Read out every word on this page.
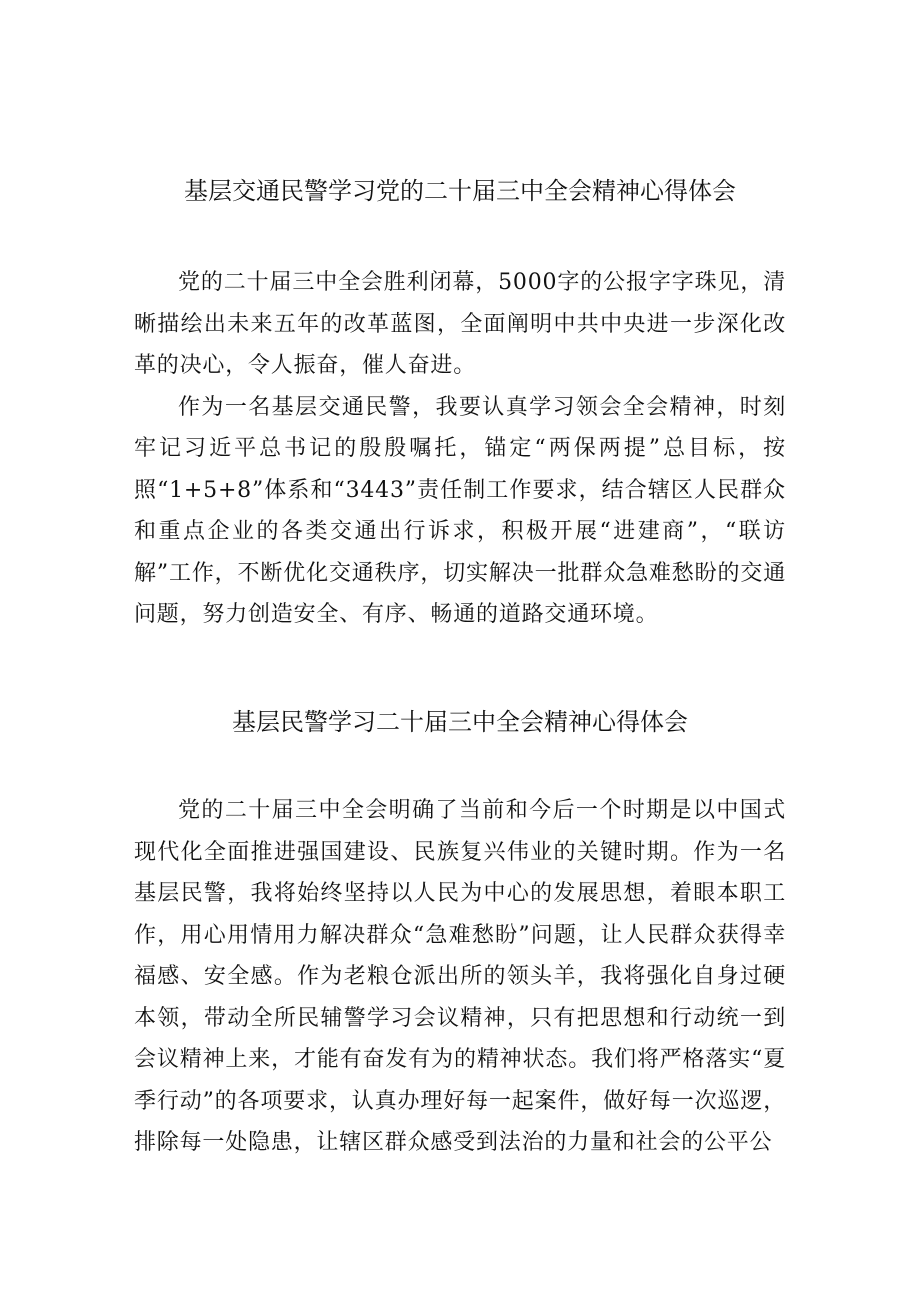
基层交通民警学习党的二十届三中全会精神心得体会

党的二十届三中全会胜利闭幕，5000字的公报字字珠见，清晰描绘出未来五年的改革蓝图，全面阐明中共中央进一步深化改革的决心，令人振奋，催人奋进。

作为一名基层交通民警，我要认真学习领会全会精神，时刻牢记习近平总书记的殷殷嘱托，锚定“两保两提”总目标，按照“1+5+8”体系和“3443”责任制工作要求，结合辖区人民群众和重点企业的各类交通出行诉求，积极开展“进建商”，“联访解”工作，不断优化交通秩序，切实解决一批群众急难愁盼的交通问题，努力创造安全、有序、畅通的道路交通环境。

基层民警学习二十届三中全会精神心得体会

党的二十届三中全会明确了当前和今后一个时期是以中国式现代化全面推进强国建设、民族复兴伟业的关键时期。作为一名基层民警，我将始终坚持以人民为中心的发展思想，着眼本职工作，用心用情用力解决群众“急难愁盼”问题，让人民群众获得幸福感、安全感。作为老粮仓派出所的领头羊，我将强化自身过硬本领，带动全所民辅警学习会议精神，只有把思想和行动统一到会议精神上来，才能有奋发有为的精神状态。我们将严格落实“夏季行动”的各项要求，认真办理好每一起案件，做好每一次巡逻，排除每一处隐患，让辖区群众感受到法治的力量和社会的公平公
